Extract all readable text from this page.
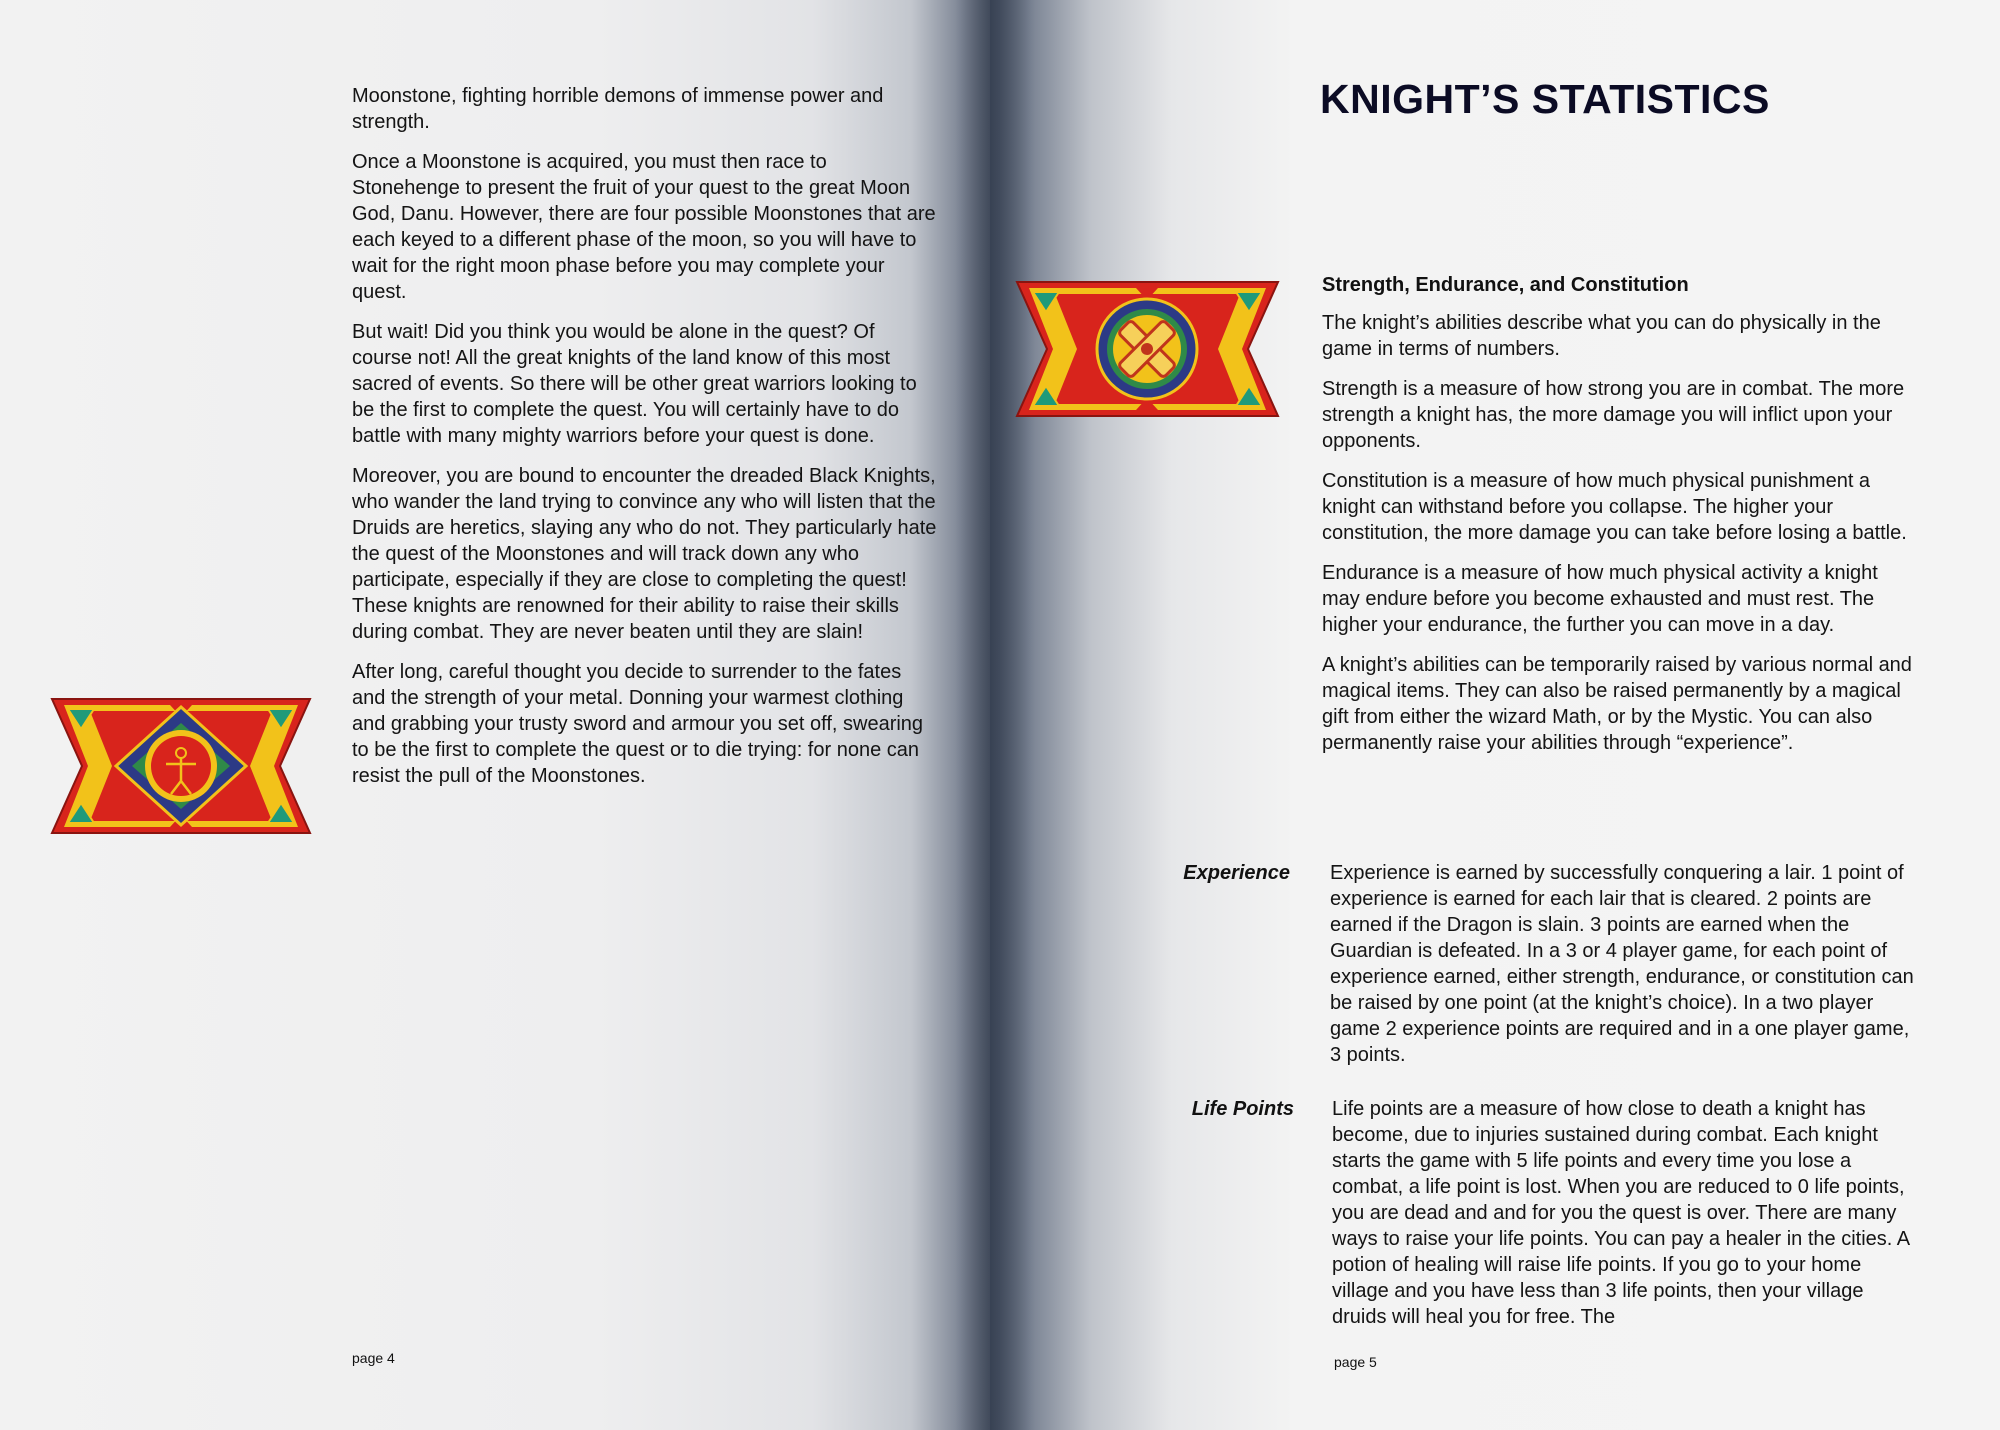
Moonstone, fighting horrible demons of immense power and strength.

Once a Moonstone is acquired, you must then race to Stonehenge to present the fruit of your quest to the great Moon God, Danu. However, there are four possible Moonstones that are each keyed to a different phase of the moon, so you will have to wait for the right moon phase before you may complete your quest.

But wait! Did you think you would be alone in the quest? Of course not! All the great knights of the land know of this most sacred of events. So there will be other great warriors looking to be the first to complete the quest. You will certainly have to do battle with many mighty warriors before your quest is done.

Moreover, you are bound to encounter the dreaded Black Knights, who wander the land trying to convince any who will listen that the Druids are heretics, slaying any who do not. They particularly hate the quest of the Moonstones and will track down any who participate, especially if they are close to completing the quest! These knights are renowned for their ability to raise their skills during combat. They are never beaten until they are slain!

After long, careful thought you decide to surrender to the fates and the strength of your metal. Donning your warmest clothing and grabbing your trusty sword and armour you set off, swearing to be the first to complete the quest or to die trying: for none can resist the pull of the Moonstones.

page 4
KNIGHT’S STATISTICS
Strength, Endurance, and Constitution

The knight’s abilities describe what you can do physically in the game in terms of numbers.

Strength is a measure of how strong you are in combat. The more strength a knight has, the more damage you will inflict upon your opponents.

Constitution is a measure of how much physical punishment a knight can withstand before you collapse. The higher your constitution, the more damage you can take before losing a battle.

Endurance is a measure of how much physical activity a knight may endure before you become exhausted and must rest. The higher your endurance, the further you can move in a day.

A knight’s abilities can be temporarily raised by various normal and magical items. They can also be raised permanently by a magical gift from either the wizard Math, or by the Mystic. You can also permanently raise your abilities through “experience”.

Experience Experience is earned by successfully conquering a lair. 1 point of experience is earned for each lair that is cleared. 2 points are earned if the Dragon is slain. 3 points are earned when the Guardian is defeated. In a 3 or 4 player game, for each point of experience earned, either strength, endurance, or constitution can be raised by one point (at the knight’s choice). In a two player game 2 experience points are required and in a one player game, 3 points.
Life Points Life points are a measure of how close to death a knight has become, due to injuries sustained during combat. Each knight starts the game with 5 life points and every time you lose a combat, a life point is lost. When you are reduced to 0 life points, you are dead and and for you the quest is over. There are many ways to raise your life points. You can pay a healer in the cities. A potion of healing will raise life points. If you go to your home village and you have less than 3 life points, then your village druids will heal you for free. The
page 5
